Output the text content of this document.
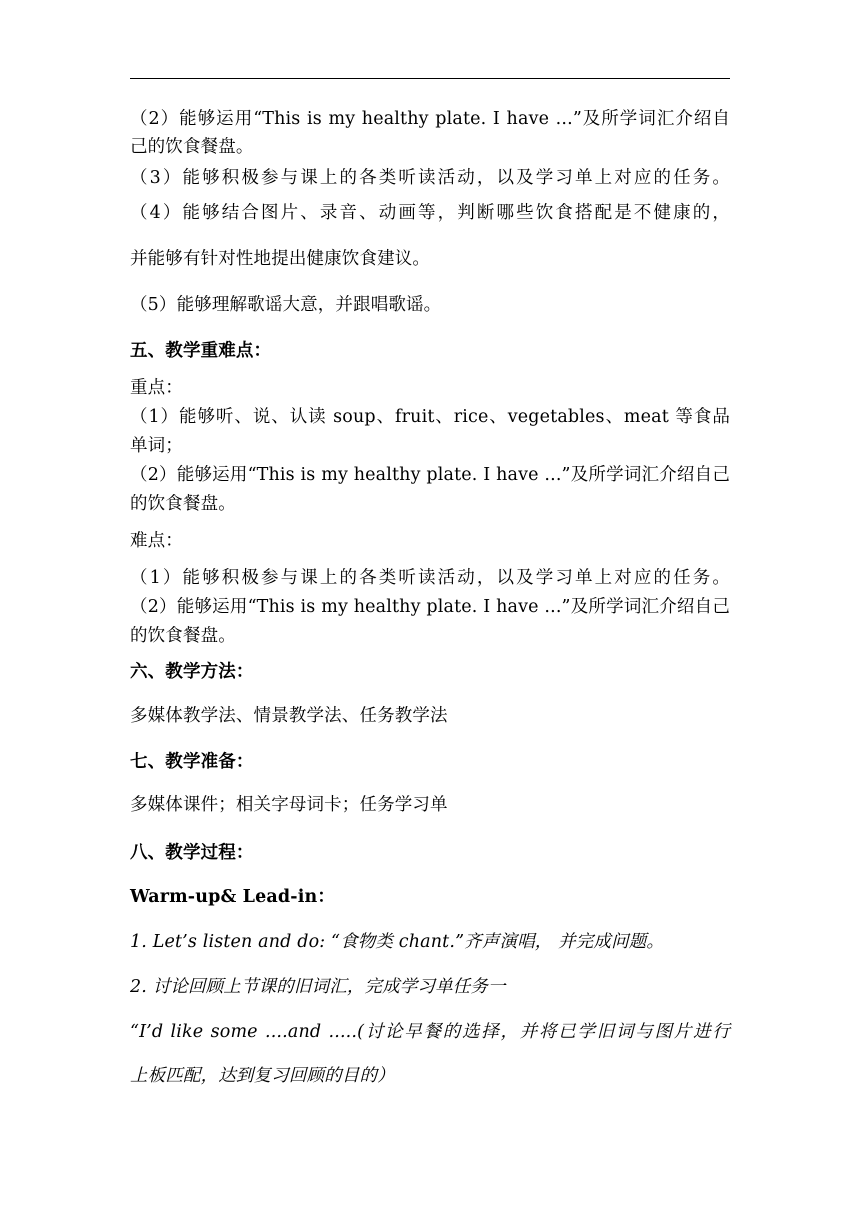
（2）能够运用“This is my healthy plate. I have ...”及所学词汇介绍自
己的饮食餐盘。
（3）能够积极参与课上的各类听读活动，以及学习单上对应的任务。
（4）能够结合图片、录音、动画等，判断哪些饮食搭配是不健康的，
并能够有针对性地提出健康饮食建议。
（5）能够理解歌谣大意，并跟唱歌谣。
五、教学重难点：
重点：
（1）能够听、说、认读 soup、fruit、rice、vegetables、meat 等食品
单词；
（2）能够运用“This is my healthy plate. I have ...”及所学词汇介绍自己
的饮食餐盘。
难点：
（1）能够积极参与课上的各类听读活动，以及学习单上对应的任务。
（2）能够运用“This is my healthy plate. I have ...”及所学词汇介绍自己
的饮食餐盘。
六、教学方法：
多媒体教学法、情景教学法、任务教学法
七、教学准备：
多媒体课件；相关字母词卡；任务学习单
八、教学过程：
Warm-up& Lead-in：
1. Let’s listen and do: “食物类 chant.”齐声演唱， 并完成问题。
2. 讨论回顾上节课的旧词汇，完成学习单任务一
“I’d like some ....and .....(讨论早餐的选择，并将已学旧词与图片进行
上板匹配，达到复习回顾的目的）
